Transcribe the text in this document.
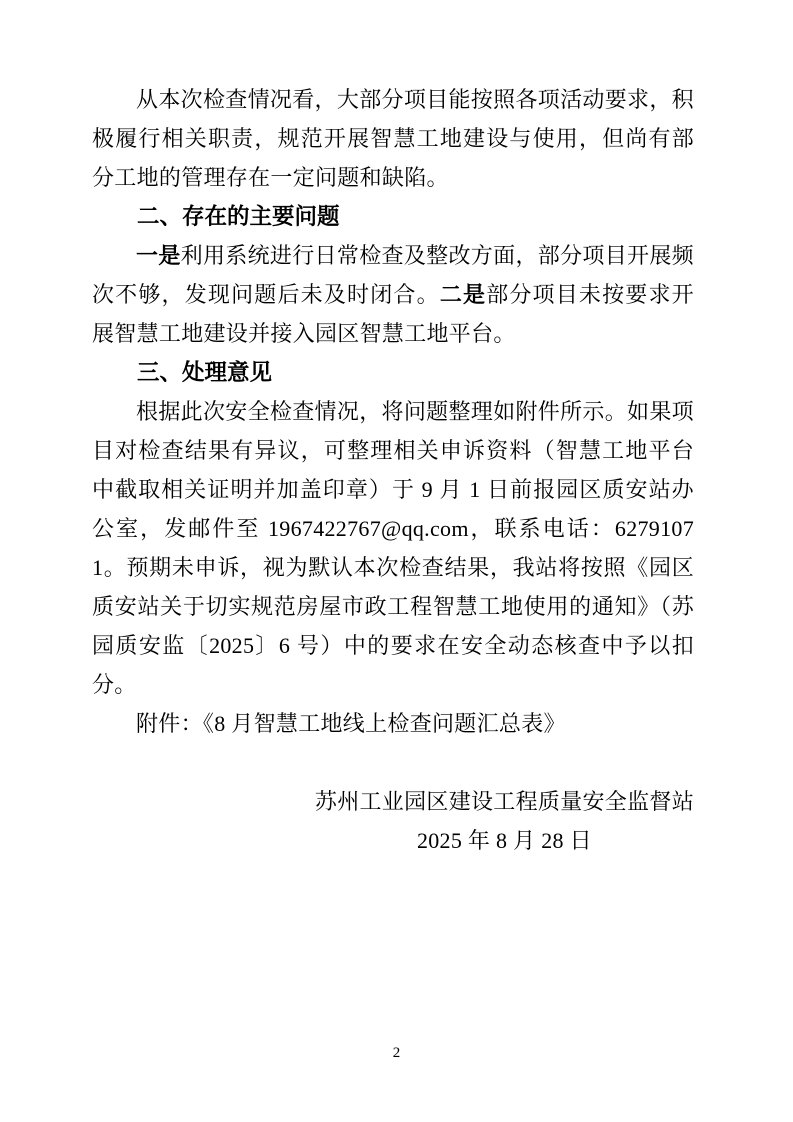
从本次检查情况看，大部分项目能按照各项活动要求，积极履行相关职责，规范开展智慧工地建设与使用，但尚有部分工地的管理存在一定问题和缺陷。

二、存在的主要问题

一是利用系统进行日常检查及整改方面，部分项目开展频次不够，发现问题后未及时闭合。二是部分项目未按要求开展智慧工地建设并接入园区智慧工地平台。

三、处理意见

根据此次安全检查情况，将问题整理如附件所示。如果项目对检查结果有异议，可整理相关申诉资料（智慧工地平台中截取相关证明并加盖印章）于 9 月 1 日前报园区质安站办公室，发邮件至 1967422767@qq.com，联系电话：62791071。预期未申诉，视为默认本次检查结果，我站将按照《园区质安站关于切实规范房屋市政工程智慧工地使用的通知》（苏园质安监〔2025〕6 号）中的要求在安全动态核查中予以扣分。

附件：《8 月智慧工地线上检查问题汇总表》

苏州工业园区建设工程质量安全监督站
2025 年 8 月 28 日
2
